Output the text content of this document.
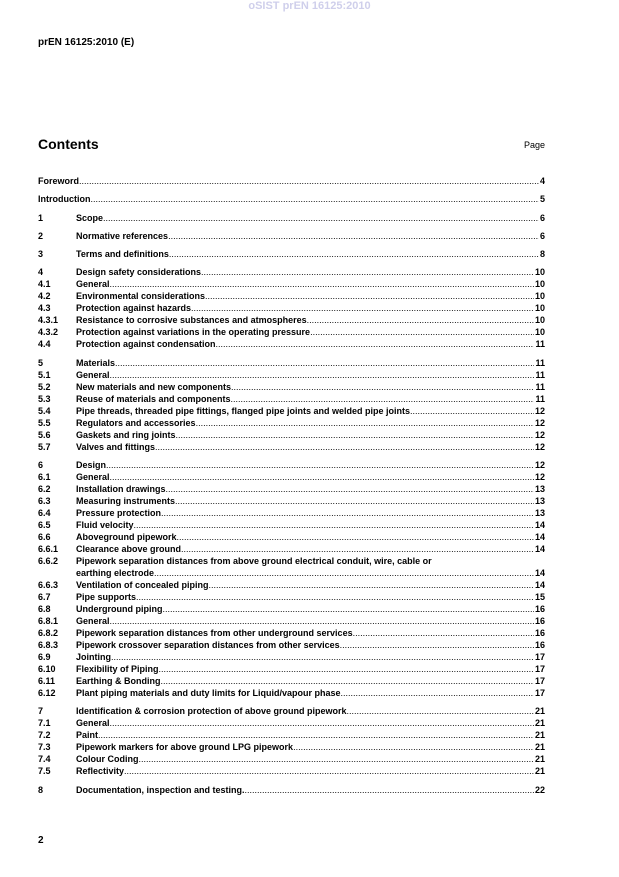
oSIST prEN 16125:2010
prEN 16125:2010 (E)
Contents	Page
Foreword .....	4
Introduction .....	5
1	Scope .....	6
2	Normative references .....	6
3	Terms and definitions .....	8
4	Design safety considerations .....	10
4.1	General .....	10
4.2	Environmental considerations .....	10
4.3	Protection against hazards .....	10
4.3.1	Resistance to corrosive substances and atmospheres .....	10
4.3.2	Protection against variations in the operating pressure .....	10
4.4	Protection against condensation .....	11
5	Materials .....	11
5.1	General .....	11
5.2	New materials and new components .....	11
5.3	Reuse of materials and components .....	11
5.4	Pipe threads, threaded pipe fittings, flanged pipe joints and welded pipe joints .....	12
5.5	Regulators and accessories .....	12
5.6	Gaskets and ring joints .....	12
5.7	Valves and fittings .....	12
6	Design .....	12
6.1	General .....	12
6.2	Installation drawings .....	13
6.3	Measuring instruments .....	13
6.4	Pressure protection .....	13
6.5	Fluid velocity .....	14
6.6	Aboveground pipework .....	14
6.6.1	Clearance above ground .....	14
6.6.2	Pipework separation distances from above ground electrical conduit, wire, cable or
earthing electrode .....	14
6.6.3	Ventilation of concealed piping .....	14
6.7	Pipe supports .....	15
6.8	Underground piping .....	16
6.8.1	General .....	16
6.8.2	Pipework separation distances from other underground services .....	16
6.8.3	Pipework crossover separation distances from other services .....	16
6.9	Jointing .....	17
6.10	Flexibility of Piping .....	17
6.11	Earthing & Bonding .....	17
6.12	Plant piping materials and duty limits for Liquid/vapour phase .....	17
7	Identification & corrosion protection of above ground pipework .....	21
7.1	General .....	21
7.2	Paint .....	21
7.3	Pipework markers for above ground LPG pipework .....	21
7.4	Colour Coding .....	21
7.5	Reflectivity .....	21
8	Documentation, inspection and testing. .....	22
2
